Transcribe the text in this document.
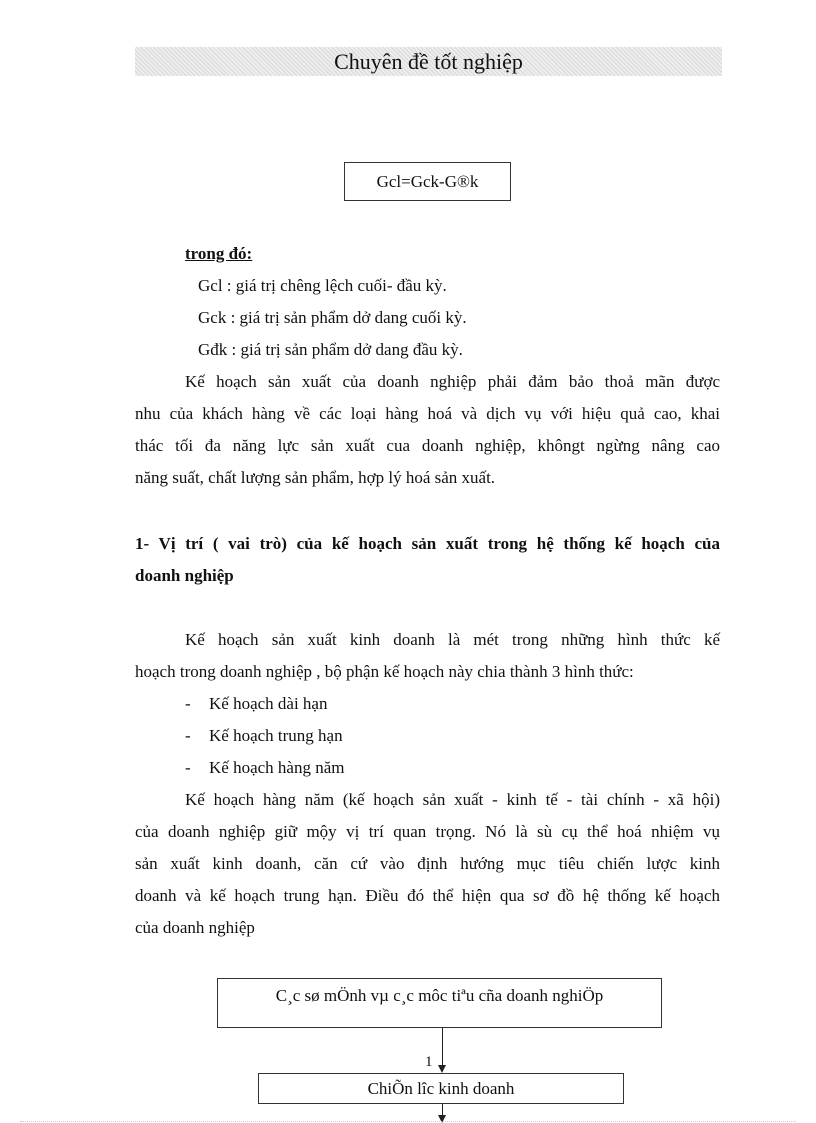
Chuyên đề tốt nghiệp
Gcl=Gck-G®k
trong đó:
Gcl : giá trị chêng lệch cuối- đầu kỳ.
Gck : giá trị sản phẩm dở dang cuối kỳ.
Gđk : giá trị sản phẩm dở dang đầu kỳ.
Kế hoạch sản xuất của doanh nghiệp phải đảm bảo thoả mãn được
nhu của khách hàng về các loại hàng hoá và dịch vụ với hiệu quả cao, khai
thác tối đa năng lực sản xuất cua doanh nghiệp, khôngt ngừng nâng cao
năng suất, chất lượng sản phẩm, hợp lý hoá sản xuất.
1- Vị trí ( vai trò) của kế hoạch sản xuất trong hệ thống kế hoạch của
doanh nghiệp
Kế hoạch sản xuất kinh doanh là mét trong những hình thức kế
hoạch trong doanh nghiệp , bộ phận kế hoạch này chia thành 3 hình thức:
- Kế hoạch dài hạn
- Kế hoạch trung hạn
- Kế hoạch hàng năm
Kế hoạch hàng năm (kế hoạch sản xuất - kinh tế - tài chính - xã hội)
của doanh nghiệp giữ mộy vị trí quan trọng. Nó là sù cụ thể hoá nhiệm vụ
sản xuất kinh doanh, căn cứ vào định hướng mục tiêu chiến lược kinh
doanh và kế hoạch trung hạn. Điều đó thể hiện qua sơ đồ hệ thống kế hoạch
của doanh nghiệp
C¸c sø mÖnh vµ c¸c môc tiªu cña doanh nghiÖp
1
ChiÕn lîc kinh doanh
